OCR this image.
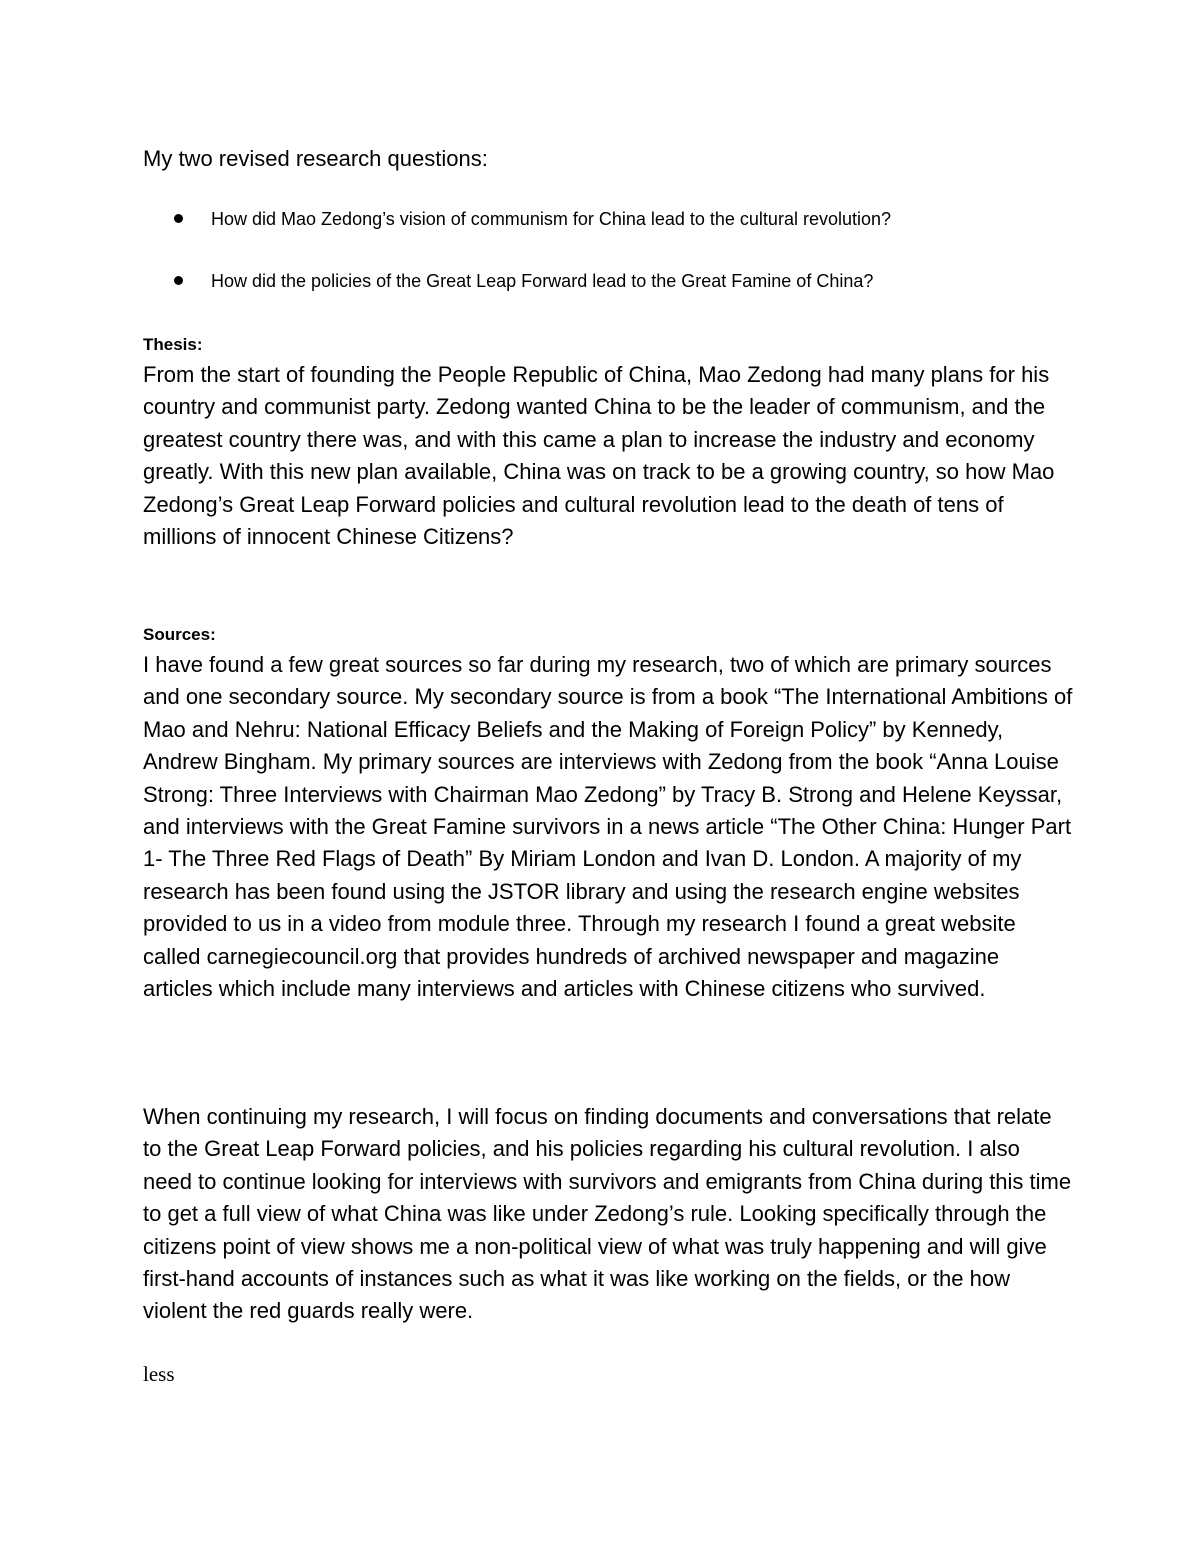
My two revised research questions:

How did Mao Zedong’s vision of communism for China lead to the cultural revolution?
How did the policies of the Great Leap Forward lead to the Great Famine of China?

Thesis:

From the start of founding the People Republic of China, Mao Zedong had many plans for his country and communist party. Zedong wanted China to be the leader of communism, and the greatest country there was, and with this came a plan to increase the industry and economy greatly. With this new plan available, China was on track to be a growing country, so how Mao Zedong’s Great Leap Forward policies and cultural revolution lead to the death of tens of millions of innocent Chinese Citizens?

Sources:

I have found a few great sources so far during my research, two of which are primary sources and one secondary source. My secondary source is from a book “The International Ambitions of Mao and Nehru: National Efficacy Beliefs and the Making of Foreign Policy” by Kennedy, Andrew Bingham. My primary sources are interviews with Zedong from the book “Anna Louise Strong: Three Interviews with Chairman Mao Zedong” by Tracy B. Strong and Helene Keyssar, and interviews with the Great Famine survivors in a news article “The Other China: Hunger Part 1- The Three Red Flags of Death” By Miriam London and Ivan D. London. A majority of my research has been found using the JSTOR library and using the research engine websites provided to us in a video from module three. Through my research I found a great website called carnegiecouncil.org that provides hundreds of archived newspaper and magazine articles which include many interviews and articles with Chinese citizens who survived.

When continuing my research, I will focus on finding documents and conversations that relate to the Great Leap Forward policies, and his policies regarding his cultural revolution. I also need to continue looking for interviews with survivors and emigrants from China during this time to get a full view of what China was like under Zedong’s rule. Looking specifically through the citizens point of view shows me a non-political view of what was truly happening and will give first-hand accounts of instances such as what it was like working on the fields, or the how violent the red guards really were.

less
